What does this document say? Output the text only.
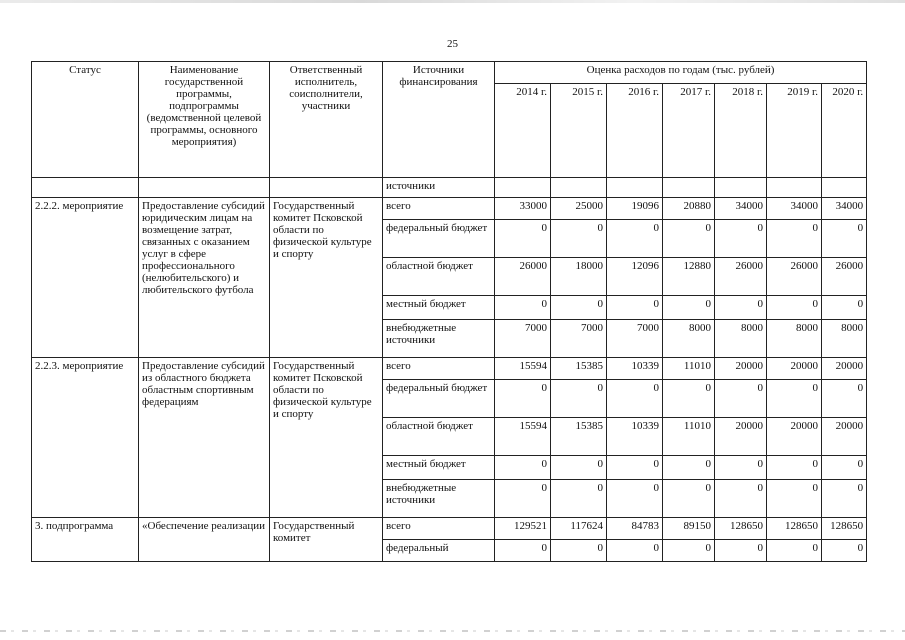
25
Статус	Наименование государственной программы, подпрограммы (ведомственной целевой программы, основного мероприятия)	Ответственный исполнитель, соисполнители, участники	Источники финансирования	Оценка расходов по годам (тыс. рублей)						
				2014 г.	2015 г.	2016 г.	2017 г.	2018 г.	2019 г.	2020 г.
			источники							
2.2.2. мероприятие	Предоставление субсидий юридическим лицам на возмещение затрат, связанных с оказанием услуг в сфере профессионального (нелюбительского) и любительского футбола	Государственный комитет Псковской области по физической культуре и спорту	всего	33000	25000	19096	20880	34000	34000	34000
			федеральный бюджет	0	0	0	0	0	0	0
			областной бюджет	26000	18000	12096	12880	26000	26000	26000
			местный бюджет	0	0	0	0	0	0	0
			внебюджетные источники	7000	7000	7000	8000	8000	8000	8000
2.2.3. мероприятие	Предоставление субсидий из областного бюджета областным спортивным федерациям	Государственный комитет Псковской области по физической культуре и спорту	всего	15594	15385	10339	11010	20000	20000	20000
			федеральный бюджет	0	0	0	0	0	0	0
			областной бюджет	15594	15385	10339	11010	20000	20000	20000
			местный бюджет	0	0	0	0	0	0	0
			внебюджетные источники	0	0	0	0	0	0	0
3. подпрограмма	«Обеспечение реализации	Государственный комитет	всего	129521	117624	84783	89150	128650	128650	128650
			федеральный	0	0	0	0	0	0	0
